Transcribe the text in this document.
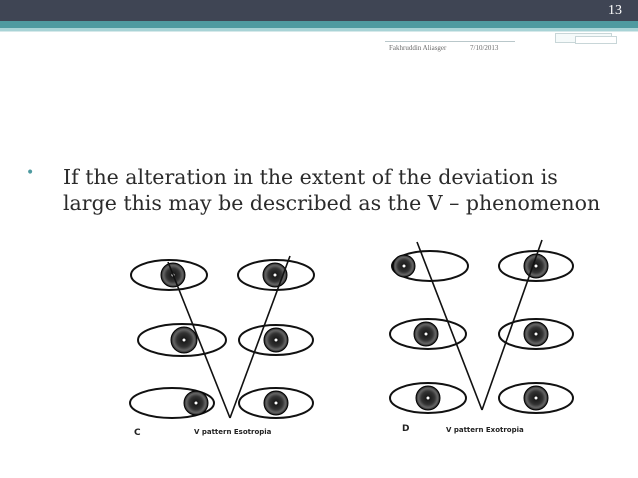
13
Fakhruddin Aliasger	7/10/2013
• If the alteration in the extent of the deviation is large this may be described as the V – phenomenon
C	V pattern Esotropia	D	V pattern Exotropia
